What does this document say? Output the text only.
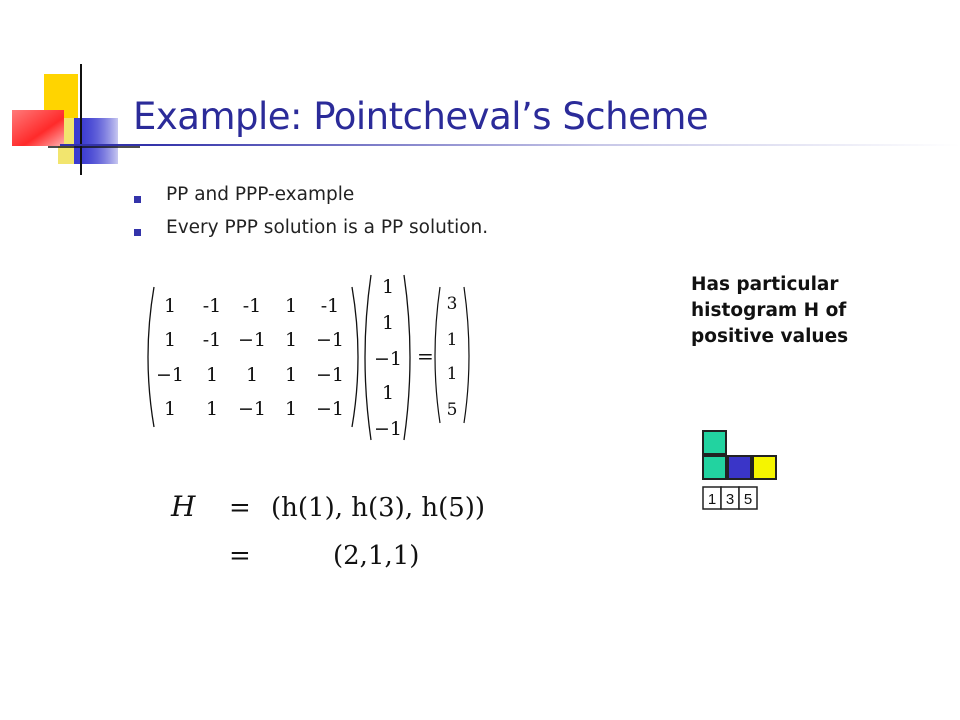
Example: Pointcheval’s Scheme
PP and PPP-example
Every PPP solution is a PP solution.

Has particular
histogram H of
positive values

1 -1 -1 1 -1
1 -1 −1 1 −1
−1 1 1 1 −1
1 1 −1 1 −1
1
1
−1
1
−1
=
3
1
1
5
H = (h(1), h(3), h(5))
=	(2,1,1)
1 3 5
